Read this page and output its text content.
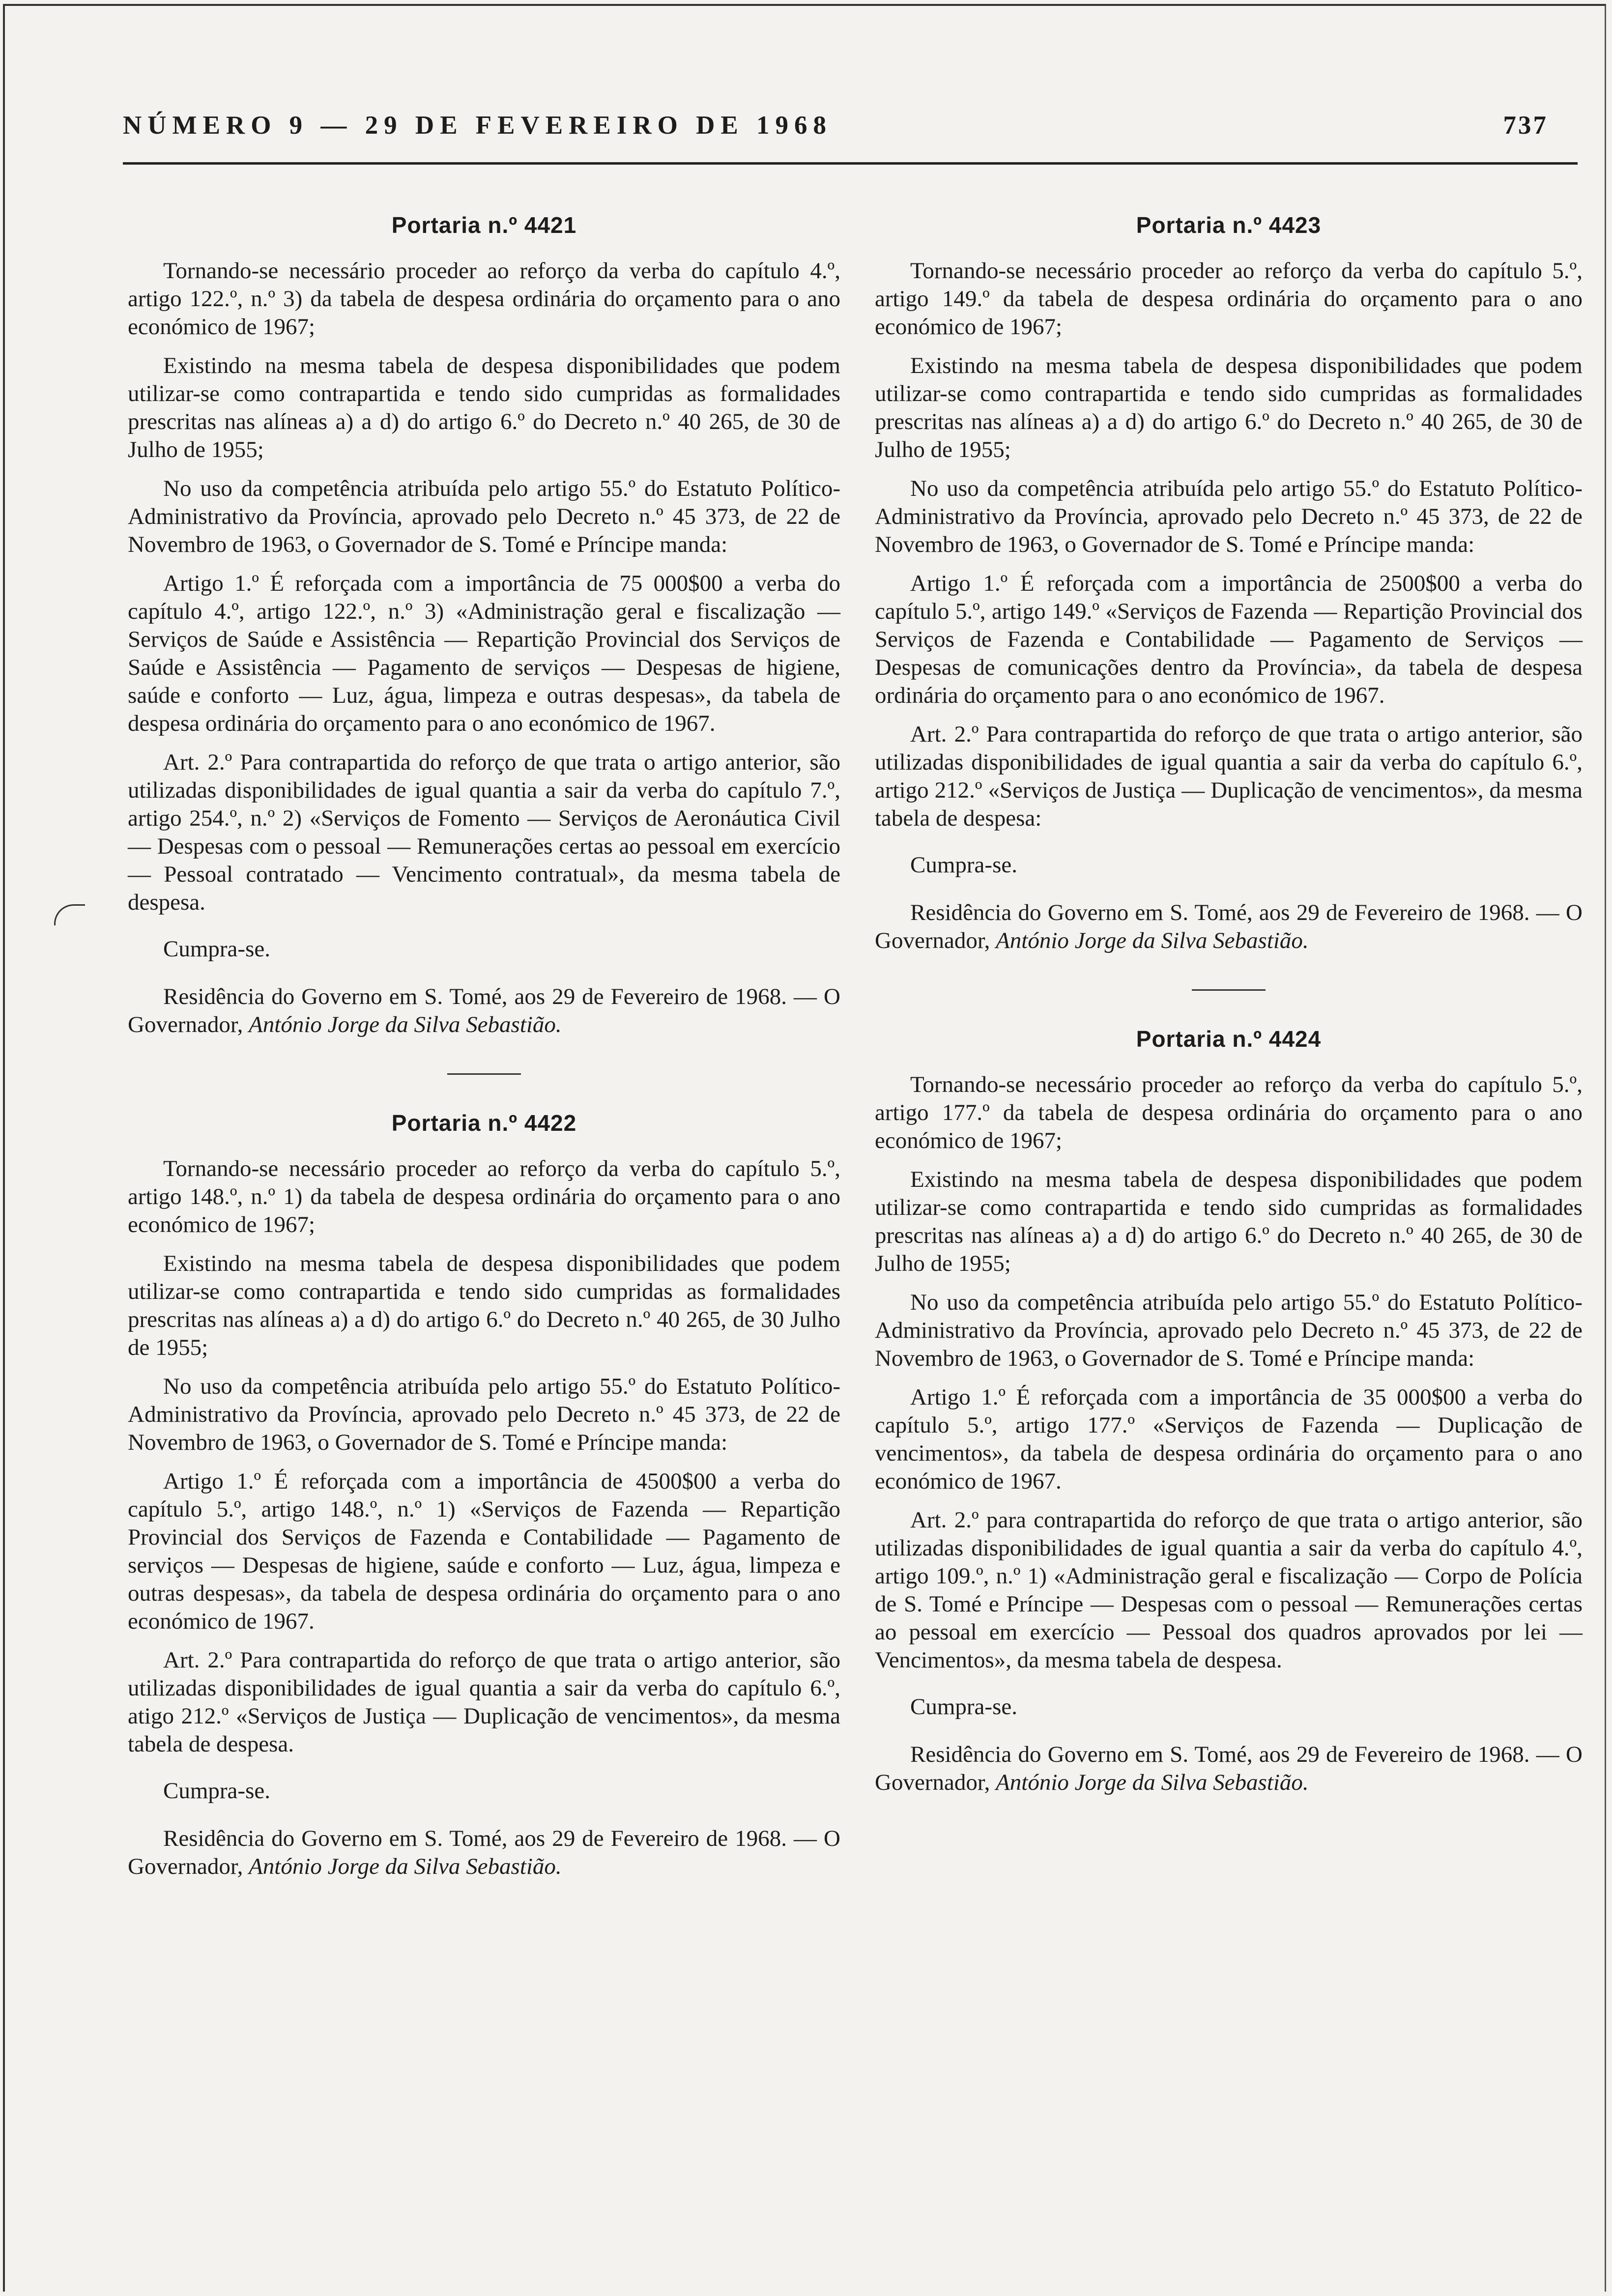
NÚMERO 9 — 29 DE FEVEREIRO DE 1968	737
Portaria n.º 4421

Tornando-se necessário proceder ao reforço da verba do capítulo 4.º, artigo 122.º, n.º 3) da tabela de despesa ordinária do orçamento para o ano económico de 1967;

Existindo na mesma tabela de despesa disponibilidades que podem utilizar-se como contrapartida e tendo sido cumpridas as formalidades prescritas nas alíneas a) a d) do artigo 6.º do Decreto n.º 40 265, de 30 de Julho de 1955;

No uso da competência atribuída pelo artigo 55.º do Estatuto Político-Administrativo da Província, aprovado pelo Decreto n.º 45 373, de 22 de Novembro de 1963, o Governador de S. Tomé e Príncipe manda:

Artigo 1.º É reforçada com a importância de 75 000$00 a verba do capítulo 4.º, artigo 122.º, n.º 3) «Administração geral e fiscalização — Serviços de Saúde e Assistência — Repartição Provincial dos Serviços de Saúde e Assistência — Pagamento de serviços — Despesas de higiene, saúde e conforto — Luz, água, limpeza e outras despesas», da tabela de despesa ordinária do orçamento para o ano económico de 1967.

Art. 2.º Para contrapartida do reforço de que trata o artigo anterior, são utilizadas disponibilidades de igual quantia a sair da verba do capítulo 7.º, artigo 254.º, n.º 2) «Serviços de Fomento — Serviços de Aeronáutica Civil — Despesas com o pessoal — Remunerações certas ao pessoal em exercício — Pessoal contratado — Vencimento contratual», da mesma tabela de despesa.

Cumpra-se.

Residência do Governo em S. Tomé, aos 29 de Fevereiro de 1968. — O Governador, António Jorge da Silva Sebastião.

Portaria n.º 4422

Tornando-se necessário proceder ao reforço da verba do capítulo 5.º, artigo 148.º, n.º 1) da tabela de despesa ordinária do orçamento para o ano económico de 1967;

Existindo na mesma tabela de despesa disponibilidades que podem utilizar-se como contrapartida e tendo sido cumpridas as formalidades prescritas nas alíneas a) a d) do artigo 6.º do Decreto n.º 40 265, de 30 Julho de 1955;

No uso da competência atribuída pelo artigo 55.º do Estatuto Político-Administrativo da Província, aprovado pelo Decreto n.º 45 373, de 22 de Novembro de 1963, o Governador de S. Tomé e Príncipe manda:

Artigo 1.º É reforçada com a importância de 4500$00 a verba do capítulo 5.º, artigo 148.º, n.º 1) «Serviços de Fazenda — Repartição Provincial dos Serviços de Fazenda e Contabilidade — Pagamento de serviços — Despesas de higiene, saúde e conforto — Luz, água, limpeza e outras despesas», da tabela de despesa ordinária do orçamento para o ano económico de 1967.

Art. 2.º Para contrapartida do reforço de que trata o artigo anterior, são utilizadas disponibilidades de igual quantia a sair da verba do capítulo 6.º, atigo 212.º «Serviços de Justiça — Duplicação de vencimentos», da mesma tabela de despesa.

Cumpra-se.

Residência do Governo em S. Tomé, aos 29 de Fevereiro de 1968. — O Governador, António Jorge da Silva Sebastião.

Portaria n.º 4423

Tornando-se necessário proceder ao reforço da verba do capítulo 5.º, artigo 149.º da tabela de despesa ordinária do orçamento para o ano económico de 1967;

Existindo na mesma tabela de despesa disponibilidades que podem utilizar-se como contrapartida e tendo sido cumpridas as formalidades prescritas nas alíneas a) a d) do artigo 6.º do Decreto n.º 40 265, de 30 de Julho de 1955;

No uso da competência atribuída pelo artigo 55.º do Estatuto Político-Administrativo da Província, aprovado pelo Decreto n.º 45 373, de 22 de Novembro de 1963, o Governador de S. Tomé e Príncipe manda:

Artigo 1.º É reforçada com a importância de 2500$00 a verba do capítulo 5.º, artigo 149.º «Serviços de Fazenda — Repartição Provincial dos Serviços de Fazenda e Contabilidade — Pagamento de Serviços — Despesas de comunicações dentro da Província», da tabela de despesa ordinária do orçamento para o ano económico de 1967.

Art. 2.º Para contrapartida do reforço de que trata o artigo anterior, são utilizadas disponibilidades de igual quantia a sair da verba do capítulo 6.º, artigo 212.º «Serviços de Justiça — Duplicação de vencimentos», da mesma tabela de despesa:

Cumpra-se.

Residência do Governo em S. Tomé, aos 29 de Fevereiro de 1968. — O Governador, António Jorge da Silva Sebastião.

Portaria n.º 4424

Tornando-se necessário proceder ao reforço da verba do capítulo 5.º, artigo 177.º da tabela de despesa ordinária do orçamento para o ano económico de 1967;

Existindo na mesma tabela de despesa disponibilidades que podem utilizar-se como contrapartida e tendo sido cumpridas as formalidades prescritas nas alíneas a) a d) do artigo 6.º do Decreto n.º 40 265, de 30 de Julho de 1955;

No uso da competência atribuída pelo artigo 55.º do Estatuto Político-Administrativo da Província, aprovado pelo Decreto n.º 45 373, de 22 de Novembro de 1963, o Governador de S. Tomé e Príncipe manda:

Artigo 1.º É reforçada com a importância de 35 000$00 a verba do capítulo 5.º, artigo 177.º «Serviços de Fazenda — Duplicação de vencimentos», da tabela de despesa ordinária do orçamento para o ano económico de 1967.

Art. 2.º para contrapartida do reforço de que trata o artigo anterior, são utilizadas disponibilidades de igual quantia a sair da verba do capítulo 4.º, artigo 109.º, n.º 1) «Administração geral e fiscalização — Corpo de Polícia de S. Tomé e Príncipe — Despesas com o pessoal — Remunerações certas ao pessoal em exercício — Pessoal dos quadros aprovados por lei — Vencimentos», da mesma tabela de despesa.

Cumpra-se.

Residência do Governo em S. Tomé, aos 29 de Fevereiro de 1968. — O Governador, António Jorge da Silva Sebastião.
